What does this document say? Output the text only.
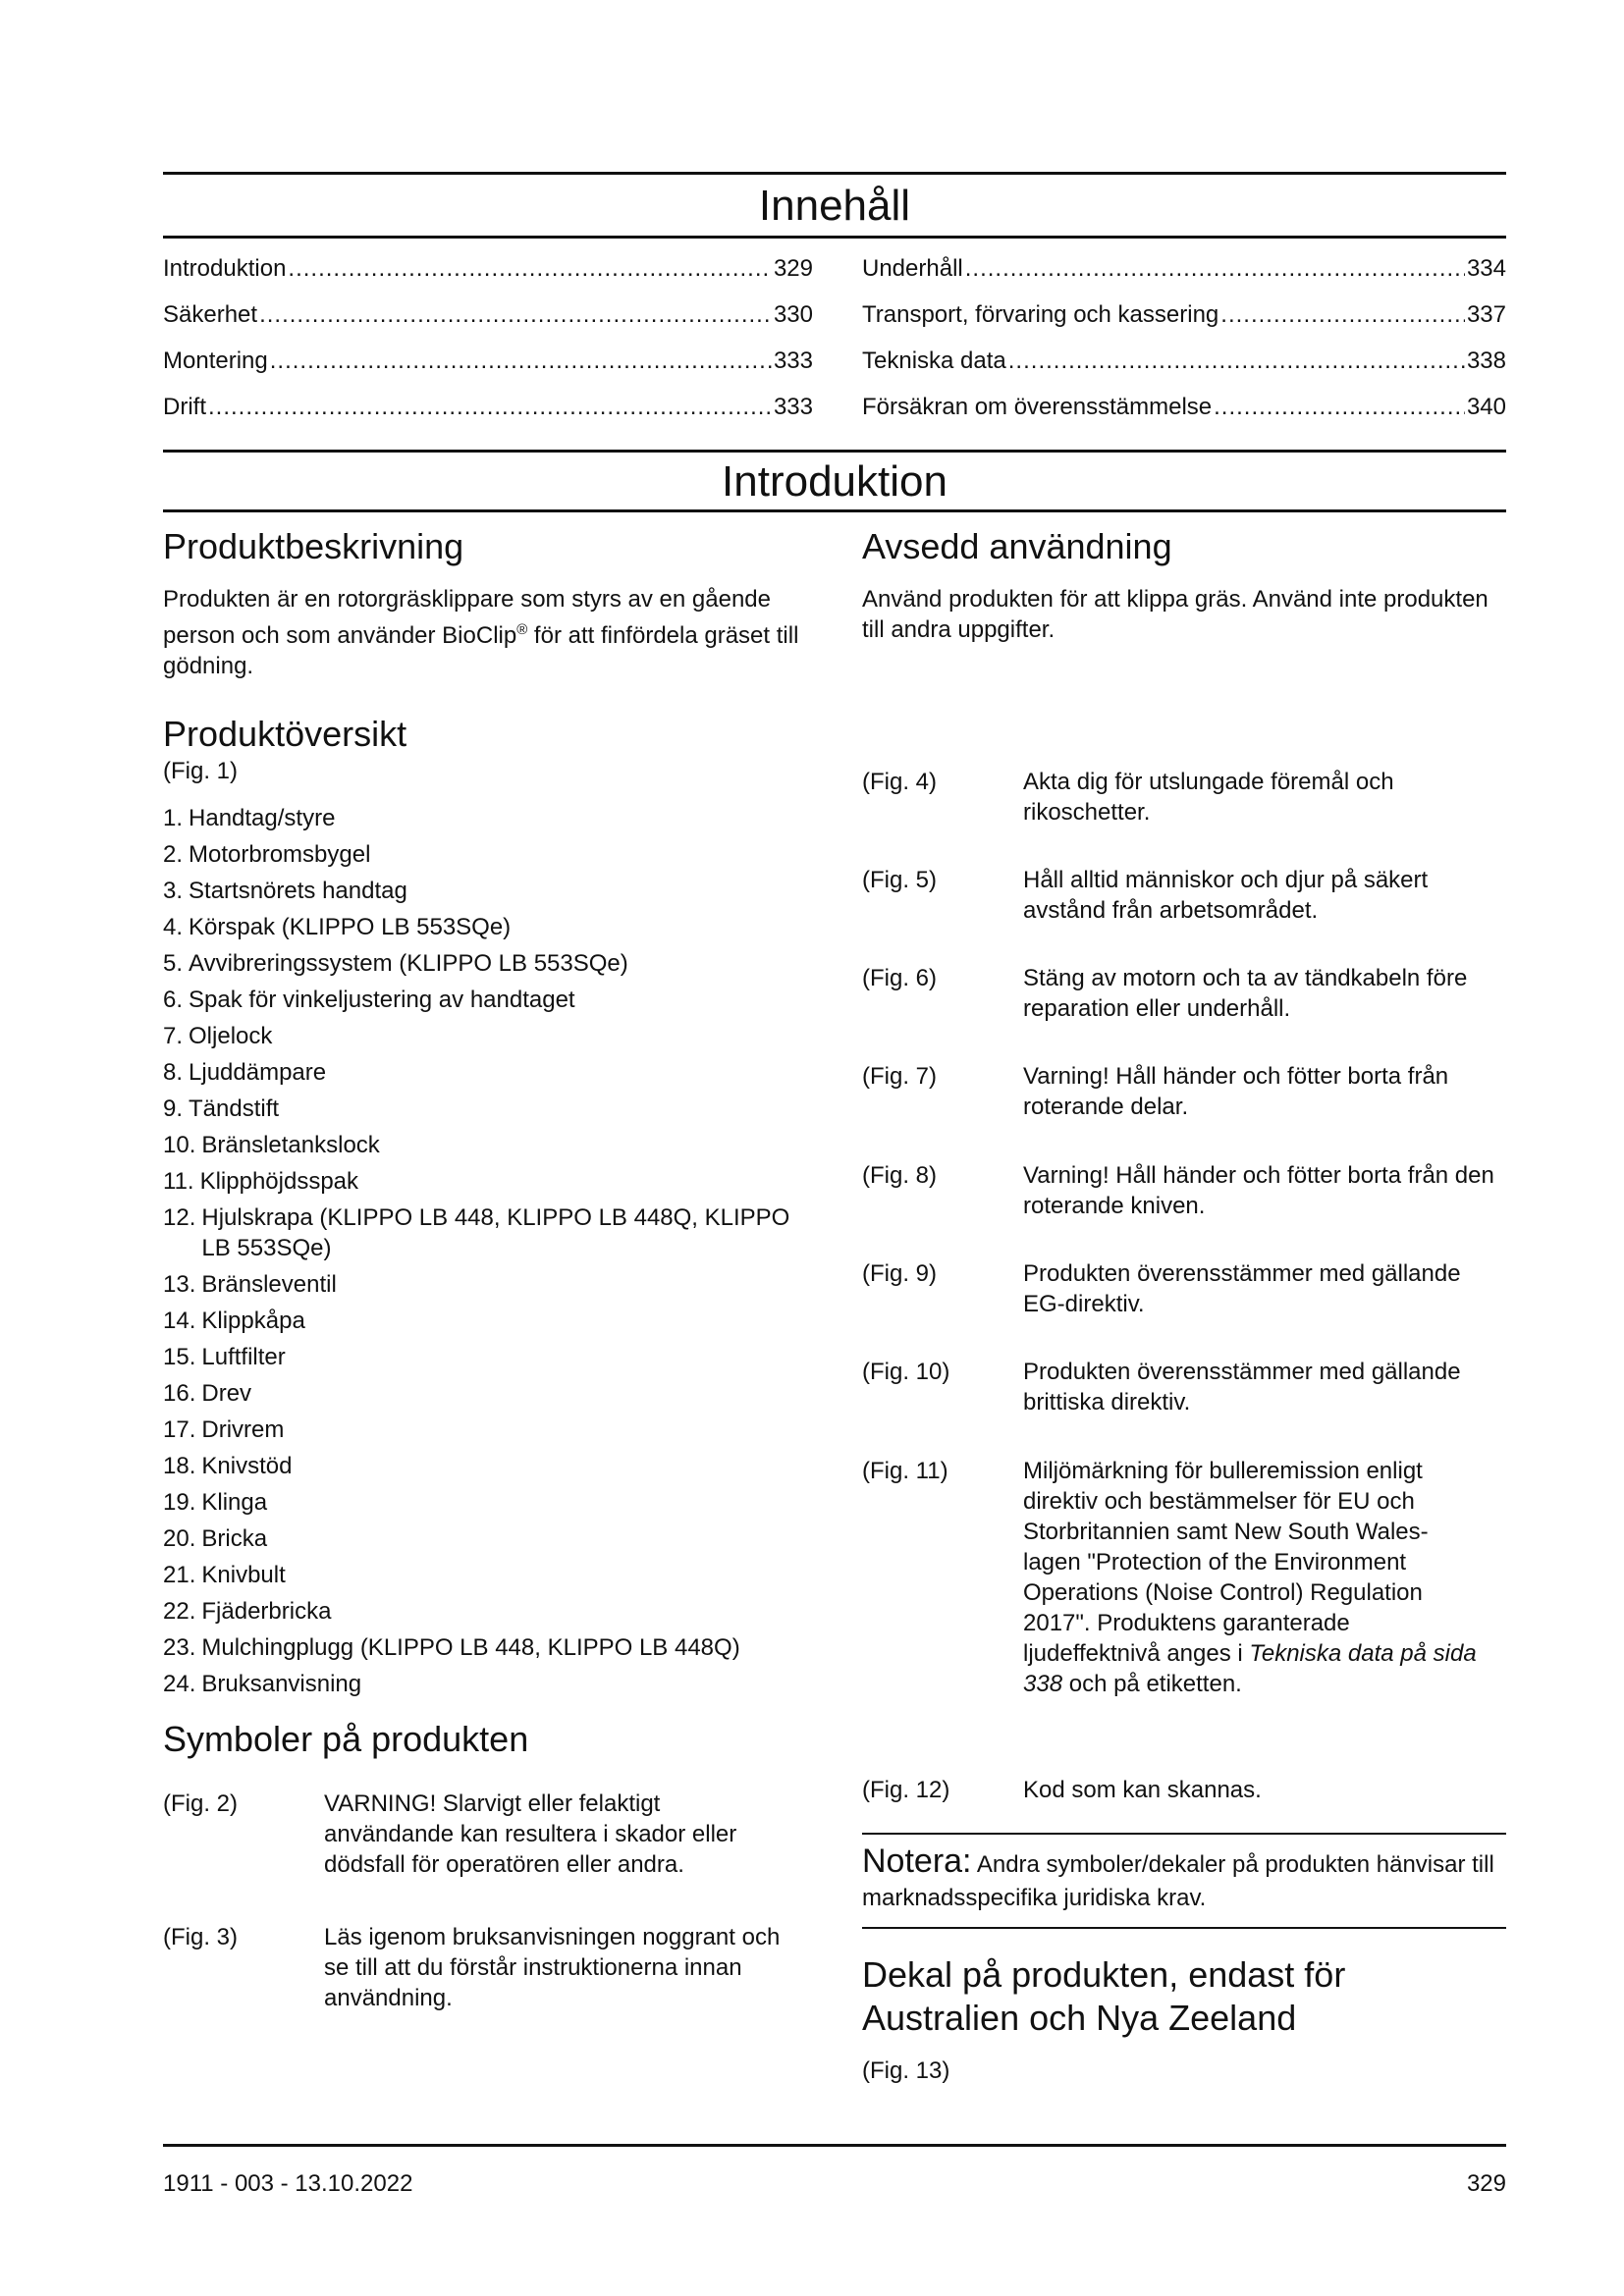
Innehåll
Introduktion .....	329
Säkerhet .....	330
Montering .....	333
Drift .....	333
Underhåll .....	334
Transport, förvaring och kassering .....	337
Tekniska data .....	338
Försäkran om överensstämmelse .....	340
Introduktion
Produktbeskrivning

Produkten är en rotorgräsklippare som styrs av en gående person och som använder BioClip® för att finfördela gräset till gödning.

Produktöversikt

(Fig. 1)

1. Handtag/styre
2. Motorbromsbygel
3. Startsnörets handtag
4. Körspak (KLIPPO LB 553SQe)
5. Avvibreringssystem (KLIPPO LB 553SQe)
6. Spak för vinkeljustering av handtaget
7. Oljelock
8. Ljuddämpare
9. Tändstift
10. Bränsletankslock
11. Klipphöjdsspak
12. Hjulskrapa (KLIPPO LB 448, KLIPPO LB 448Q, KLIPPO LB 553SQe)
13. Bränsleventil
14. Klippkåpa
15. Luftfilter
16. Drev
17. Drivrem
18. Knivstöd
19. Klinga
20. Bricka
21. Knivbult
22. Fjäderbricka
23. Mulchingplugg (KLIPPO LB 448, KLIPPO LB 448Q)
24. Bruksanvisning
Symboler på produkten
(Fig. 2)	VARNING! Slarvigt eller felaktigt användande kan resultera i skador eller dödsfall för operatören eller andra.
(Fig. 3)	Läs igenom bruksanvisningen noggrant och se till att du förstår instruktionerna innan användning.
Avsedd användning

Använd produkten för att klippa gräs. Använd inte produkten till andra uppgifter.

(Fig. 4)	Akta dig för utslungade föremål och rikoschetter.
(Fig. 5)	Håll alltid människor och djur på säkert avstånd från arbetsområdet.
(Fig. 6)	Stäng av motorn och ta av tändkabeln före reparation eller underhåll.
(Fig. 7)	Varning! Håll händer och fötter borta från roterande delar.
(Fig. 8)	Varning! Håll händer och fötter borta från den roterande kniven.
(Fig. 9)	Produkten överensstämmer med gällande EG-direktiv.
(Fig. 10)	Produkten överensstämmer med gällande brittiska direktiv.
(Fig. 11)	Miljömärkning för bulleremission enligt direktiv och bestämmelser för EU och Storbritannien samt New South Wales-lagen "Protection of the Environment Operations (Noise Control) Regulation 2017". Produktens garanterade ljudeffektnivå anges i Tekniska data på sida 338 och på etiketten.
(Fig. 12)	Kod som kan skannas.
Notera: Andra symboler/dekaler på produkten hänvisar till marknadsspecifika juridiska krav.
Dekal på produkten, endast för Australien och Nya Zeeland

(Fig. 13)

1911 - 003 - 13.10.2022	329
